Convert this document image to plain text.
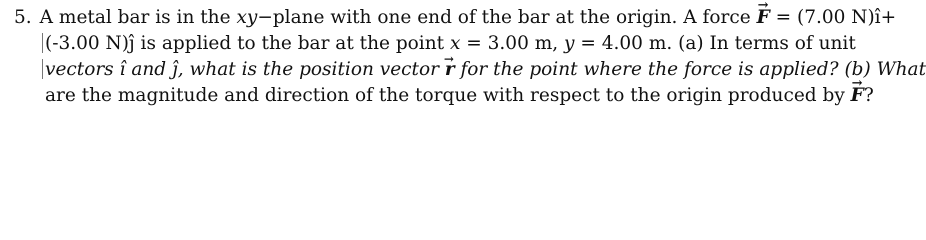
5. A metal bar is in the xy−plane with one end of the bar at the origin. A force → F = (7.00 N)î+
(-3.00 N)ĵ is applied to the bar at the point x = 3.00 m, y = 4.00 m. (a) In terms of unit
vectors î and ĵ, what is the position vector → r for the point where the force is applied? (b) What
are the magnitude and direction of the torque with respect to the origin produced by → F?
